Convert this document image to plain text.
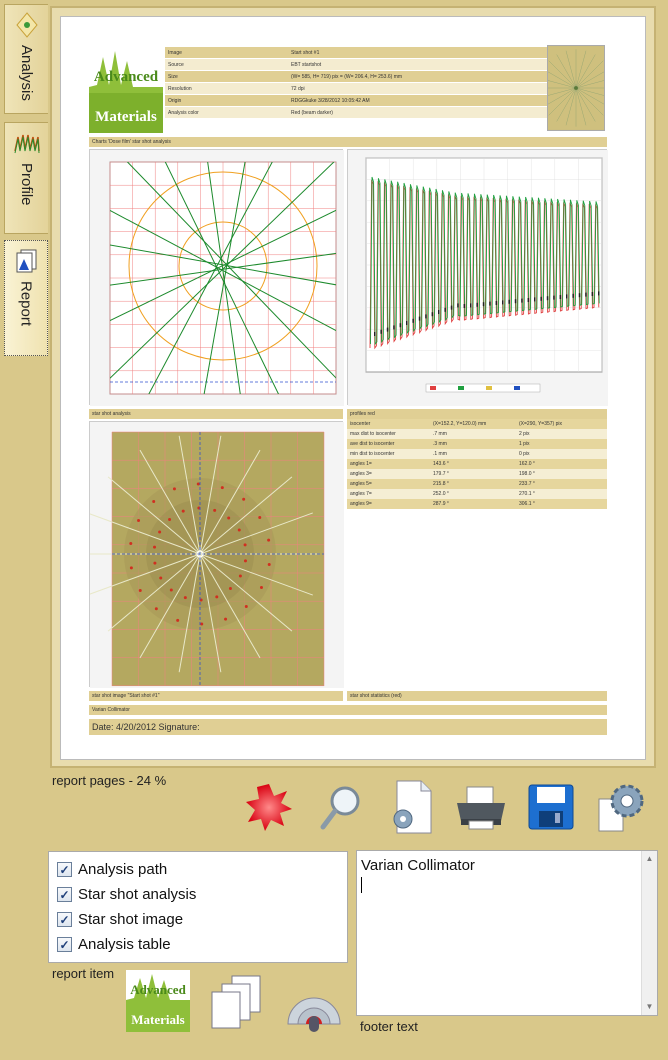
Analysis
Profile
Report
Advanced
Materials
Image	Start shot #1
Source	EBT startshot
Size	(W= 585, H= 719) pix = (W= 206.4, H= 253.6) mm
Resolution	72 dpi
Origin	RDGGkuke 3/28/2012 10:05:42 AM
Analysis color	Red (beam darker)
Charts 'Dose film' star shot analysis
star shot analysis	profiles red
isocenter	(X=152.2, Y=120.0) mm	(X=290, Y=357) pix
max dist to isocenter	.7 mm	2 pix
ave dist to isocenter	.3 mm	1 pix
min dist to isocenter	.1 mm	0 pix
angles 1=	143.6 °	162.0 °
angles 3=	179.7 °	198.0 °
angles 5=	215.8 °	233.7 °
angles 7=	252.0 °	270.1 °
angles 9=	287.9 °	306.1 °
star shot image "Start shot #1"	star shot statistics (red)
Varian Collimator
Date: 4/20/2012 Signature:
report pages - 24 %
✓ Analysis path
✓ Star shot analysis
✓ Star shot image
✓ Analysis table
report item
Advanced
Materials
Varian Collimator	▲
▼
footer text
